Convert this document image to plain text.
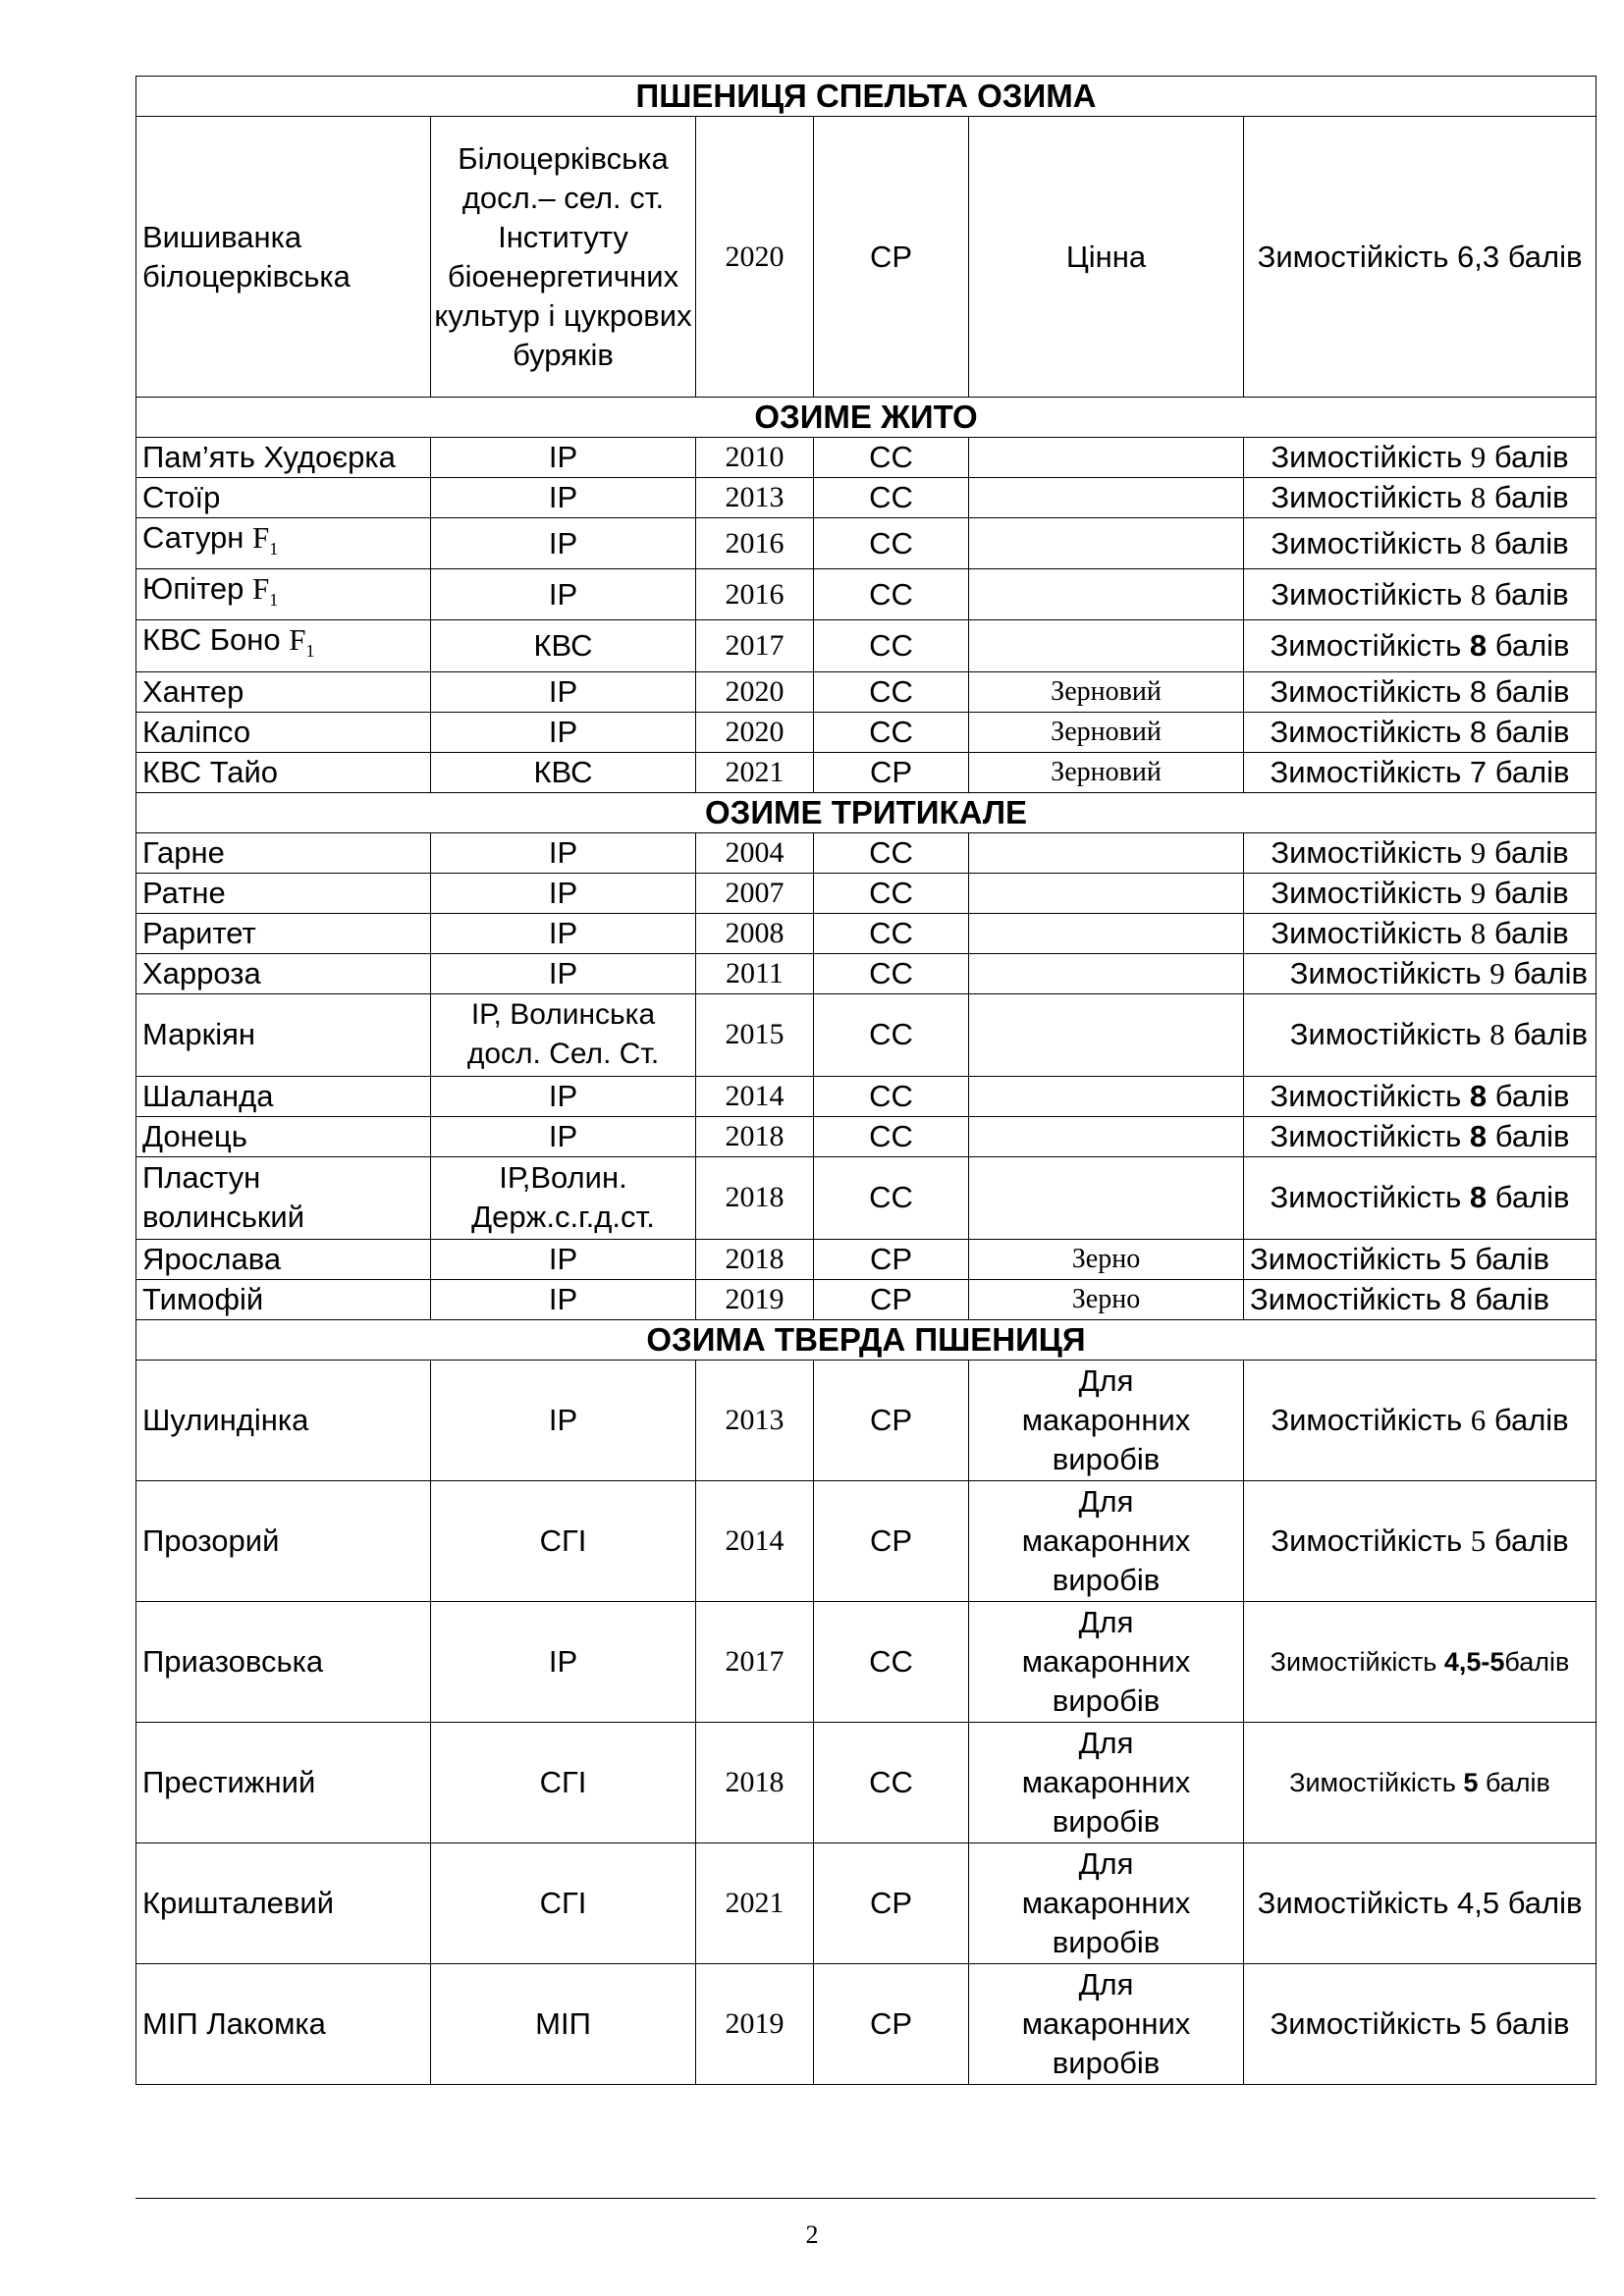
ПШЕНИЦЯ СПЕЛЬТА ОЗИМА					
Вишиванка білоцерківська	Білоцерківська досл.– сел. ст. Інституту біоенергетичних культур і цукрових буряків	2020	СР	Цінна	Зимостійкість 6,3 балів
ОЗИМЕ ЖИТО					
Пам’ять Худоєрка	ІР	2010	СС		Зимостійкість 9 балів
Стоїр	ІР	2013	СС		Зимостійкість 8 балів
Сатурн $F_1$	ІР	2016	СС		Зимостійкість 8 балів
Юпітер $F_1$	ІР	2016	СС		Зимостійкість 8 балів
КВС Боно $F_1$	КВС	2017	СС		Зимостійкість 8 балів
Хантер	ІР	2020	СС	Зерновий	Зимостійкість 8 балів
Каліпсо	ІР	2020	СС	Зерновий	Зимостійкість 8 балів
КВС Тайо	КВС	2021	СР	Зерновий	Зимостійкість 7 балів
ОЗИМЕ ТРИТИКАЛЕ					
Гарне	ІР	2004	СС		Зимостійкість 9 балів
Ратне	ІР	2007	СС		Зимостійкість 9 балів
Раритет	ІР	2008	СС		Зимостійкість 8 балів
Харроза	ІР	2011	СС		Зимостійкість 9 балів
Маркіян	ІР, Волинська досл. Сел. Ст.	2015	СС		Зимостійкість 8 балів
Шаланда	ІР	2014	СС		Зимостійкість 8 балів
Донець	ІР	2018	СС		Зимостійкість 8 балів
Пластун волинський	ІР,Волин. Держ.с.г.д.ст.	2018	СС		Зимостійкість 8 балів
Ярослава	ІР	2018	СР	Зерно	Зимостійкість 5 балів
Тимофій	ІР	2019	СР	Зерно	Зимостійкість 8 балів
ОЗИМА ТВЕРДА ПШЕНИЦЯ					
Шулиндінка	ІР	2013	СР	Для макаронних виробів	Зимостійкість 6 балів
Прозорий	СГІ	2014	СР	Для макаронних виробів	Зимостійкість 5 балів
Приазовська	ІР	2017	СС	Для макаронних виробів	Зимостійкість 4,5-5балів
Престижний	СГІ	2018	СС	Для макаронних виробів	Зимостійкість 5 балів
Кришталевий	СГІ	2021	СР	Для макаронних виробів	Зимостійкість 4,5 балів
МІП Лакомка	МІП	2019	СР	Для макаронних виробів	Зимостійкість 5 балів
2
